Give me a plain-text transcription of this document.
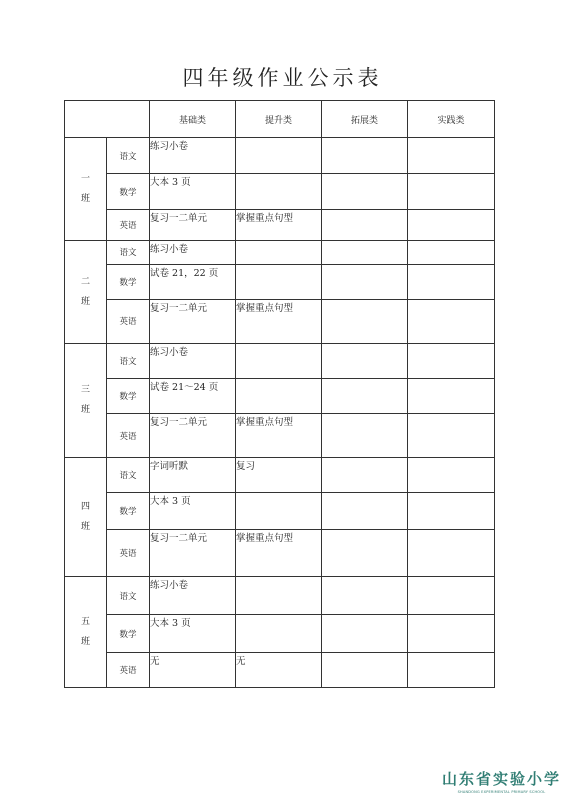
四年级作业公示表
		基础类	提升类	拓展类	实践类
一班	语文	练习小卷			
	数学	大本 3 页			
	英语	复习一二单元	掌握重点句型		
二班	语文	练习小卷			
	数学	试卷 21，22 页			
	英语	复习一二单元	掌握重点句型		
三班	语文	练习小卷			
	数学	试卷 21～24 页			
	英语	复习一二单元	掌握重点句型		
四班	语文	字词听默	复习		
	数学	大本 3 页			
	英语	复习一二单元	掌握重点句型		
五班	语文	练习小卷			
	数学	大本 3 页			
	英语	无	无		
山东省实验小学
SHANDONG EXPERIMENTAL PRIMARY SCHOOL
